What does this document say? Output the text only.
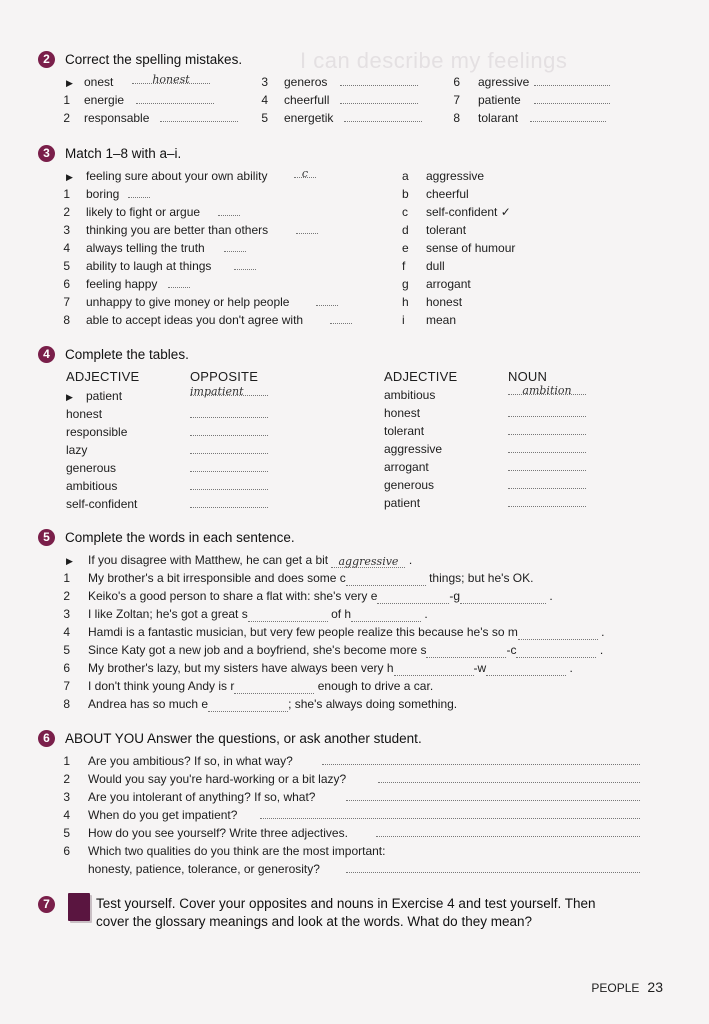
I can describe my feelings
2	Correct the spelling mistakes.
▶ onest	honest
1 energie
2 responsable
3 generos
4 cheerfull
5 energetik
6 agressive
7 patiente
8 tolarant
3	Match 1–8 with a–i.
▶ feeling sure about your own ability	c
1 boring
2 likely to fight or argue
3 thinking you are better than others
4 always telling the truth
5 ability to laugh at things
6 feeling happy
7 unhappy to give money or help people
8 able to accept ideas you don't agree with
a aggressive
b cheerful
c self-confident ✓
d tolerant
e sense of humour
f dull
g arrogant
h honest
i mean
4	Complete the tables.
ADJECTIVE	OPPOSITE	ADJECTIVE	NOUN
▶ patient	impatient
honest
responsible
lazy
generous
ambitious
self-confident
ambitious	ambition
honest
tolerant
aggressive
arrogant
generous
patient
5	Complete the words in each sentence.
▶ If you disagree with Matthew, he can get a bit aggressive .
1 My brother's a bit irresponsible and does some c	things; but he's OK.
2 Keiko's a good person to share a flat with: she's very e	-g	.
3 I like Zoltan; he's got a great s	of h	.
4 Hamdi is a fantastic musician, but very few people realize this because he's so m	.
5 Since Katy got a new job and a boyfriend, she's become more s	-c	.
6 My brother's lazy, but my sisters have always been very h	-w	.
7 I don't think young Andy is r	enough to drive a car.
8 Andrea has so much e	; she's always doing something.
6	ABOUT YOU Answer the questions, or ask another student.
1 Are you ambitious? If so, in what way?
2 Would you say you're hard-working or a bit lazy?
3 Are you intolerant of anything? If so, what?
4 When do you get impatient?
5 How do you see yourself? Write three adjectives.
6 Which two qualities do you think are the most important:
honesty, patience, tolerance, or generosity?
7	Test yourself. Cover your opposites and nouns in Exercise 4 and test yourself. Then
cover the glossary meanings and look at the words. What do they mean?
PEOPLE 23
